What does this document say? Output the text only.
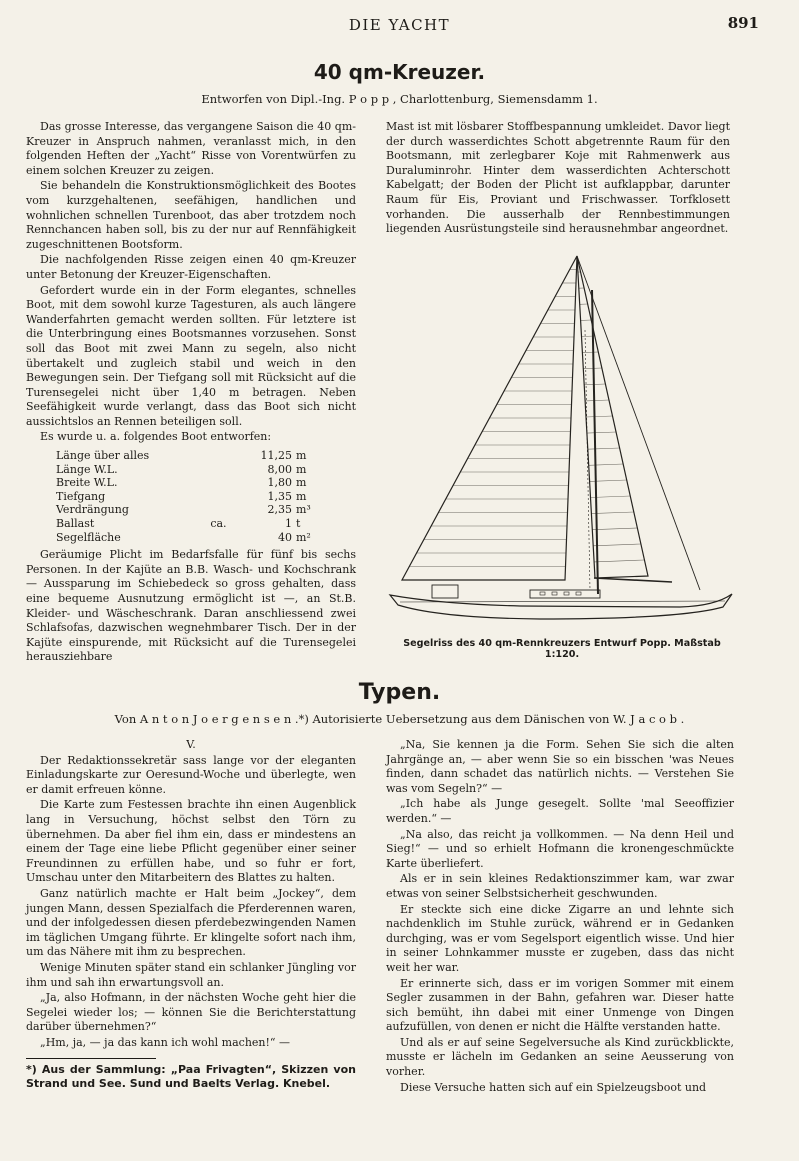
DIE YACHT	891
40 qm-Kreuzer.
Entworfen von Dipl.-Ing. P o p p , Charlottenburg, Siemensdamm 1.

Das grosse Interesse, das vergangene Saison die 40 qm-Kreuzer in Anspruch nahmen, veranlasst mich, in den folgenden Heften der „Yacht“ Risse von Vorentwürfen zu einem solchen Kreuzer zu zeigen.

Sie behandeln die Konstruktionsmöglichkeit des Bootes vom kurzgehaltenen, seefähigen, handlichen und wohnlichen schnellen Turenboot, das aber trotzdem noch Rennchancen haben soll, bis zu der nur auf Rennfähigkeit zugeschnittenen Bootsform.

Die nachfolgenden Risse zeigen einen 40 qm-Kreuzer unter Betonung der Kreuzer-Eigenschaften.

Gefordert wurde ein in der Form elegantes, schnelles Boot, mit dem sowohl kurze Tagesturen, als auch längere Wanderfahrten gemacht werden sollten. Für letztere ist die Unterbringung eines Bootsmannes vorzusehen. Sonst soll das Boot mit zwei Mann zu segeln, also nicht übertakelt und zugleich stabil und weich in den Bewegungen sein. Der Tiefgang soll mit Rücksicht auf die Turensegelei nicht über 1,40 m betragen. Neben Seefähigkeit wurde verlangt, dass das Boot sich nicht aussichtslos an Rennen beteiligen soll.

Es wurde u. a. folgendes Boot entworfen:

Länge über alles		11,25	m
Länge W.L.		8,00	m
Breite W.L.		1,80	m
Tiefgang		1,35	m
Verdrängung		2,35	m³
Ballast	ca.	1	t
Segelfläche		40	m²

Geräumige Plicht im Bedarfsfalle für fünf bis sechs Personen. In der Kajüte an B.B. Wasch- und Kochschrank — Aussparung im Schiebedeck so gross gehalten, dass eine bequeme Ausnutzung ermöglicht ist —, an St.B. Kleider- und Wäscheschrank. Daran anschliessend zwei Schlafsofas, dazwischen wegnehmbarer Tisch. Der in der Kajüte einspurende, mit Rücksicht auf die Turensegelei herausziehbare

Mast ist mit lösbarer Stoffbespannung umkleidet. Davor liegt der durch wasserdichtes Schott abgetrennte Raum für den Bootsmann, mit zerlegbarer Koje mit Rahmenwerk aus Duraluminrohr. Hinter dem wasserdichten Achterschott Kabelgatt; der Boden der Plicht ist aufklappbar, darunter Raum für Eis, Proviant und Frischwasser. Torfklosett vorhanden. Die ausserhalb der Rennbestimmungen liegenden Ausrüstungsteile sind herausnehmbar angeordnet.

Segelriss des 40 qm-Rennkreuzers Entwurf Popp. Maßstab 1:120.
Typen.
Von A n t o n J o e r g e n s e n .*) Autorisierte Uebersetzung aus dem Dänischen von W. J a c o b .

V.

Der Redaktionssekretär sass lange vor der eleganten Einladungskarte zur Oeresund-Woche und überlegte, wen er damit erfreuen könne.

Die Karte zum Festessen brachte ihn einen Augenblick lang in Versuchung, höchst selbst den Törn zu übernehmen. Da aber fiel ihm ein, dass er mindestens an einem der Tage eine liebe Pflicht gegenüber einer seiner Freundinnen zu erfüllen habe, und so fuhr er fort, Umschau unter den Mitarbeitern des Blattes zu halten.

Ganz natürlich machte er Halt beim „Jockey“, dem jungen Mann, dessen Spezialfach die Pferderennen waren, und der infolgedessen diesen pferdebezwingenden Namen im täglichen Umgang führte. Er klingelte sofort nach ihm, um das Nähere mit ihm zu besprechen.

Wenige Minuten später stand ein schlanker Jüngling vor ihm und sah ihn erwartungsvoll an.

„Ja, also Hofmann, in der nächsten Woche geht hier die Segelei wieder los; — können Sie die Berichterstattung darüber übernehmen?“

„Hm, ja, — ja das kann ich wohl machen!“ —

„Na, Sie kennen ja die Form. Sehen Sie sich die alten Jahrgänge an, — aber wenn Sie so ein bisschen 'was Neues finden, dann schadet das natürlich nichts. — Verstehen Sie was vom Segeln?“ —

„Ich habe als Junge gesegelt. Sollte 'mal Seeoffizier werden.“ —

„Na also, das reicht ja vollkommen. — Na denn Heil und Sieg!“ — und so erhielt Hofmann die kronengeschmückte Karte überliefert.

Als er in sein kleines Redaktionszimmer kam, war zwar etwas von seiner Selbstsicherheit geschwunden.

Er steckte sich eine dicke Zigarre an und lehnte sich nachdenklich im Stuhle zurück, während er in Gedanken durchging, was er vom Segelsport eigentlich wisse. Und hier in seiner Lohnkammer musste er zugeben, dass das nicht weit her war.

Er erinnerte sich, dass er im vorigen Sommer mit einem Segler zusammen in der Bahn, gefahren war. Dieser hatte sich bemüht, ihn dabei mit einer Unmenge von Dingen aufzufüllen, von denen er nicht die Hälfte verstanden hatte.

Und als er auf seine Segelversuche als Kind zurückblickte, musste er lächeln im Gedanken an seine Aeusserung von vorher.

Diese Versuche hatten sich auf ein Spielzeugsboot und

*) Aus der Sammlung: „Paa Frivagten“, Skizzen von Strand und See. Sund und Baelts Verlag. Knebel.
